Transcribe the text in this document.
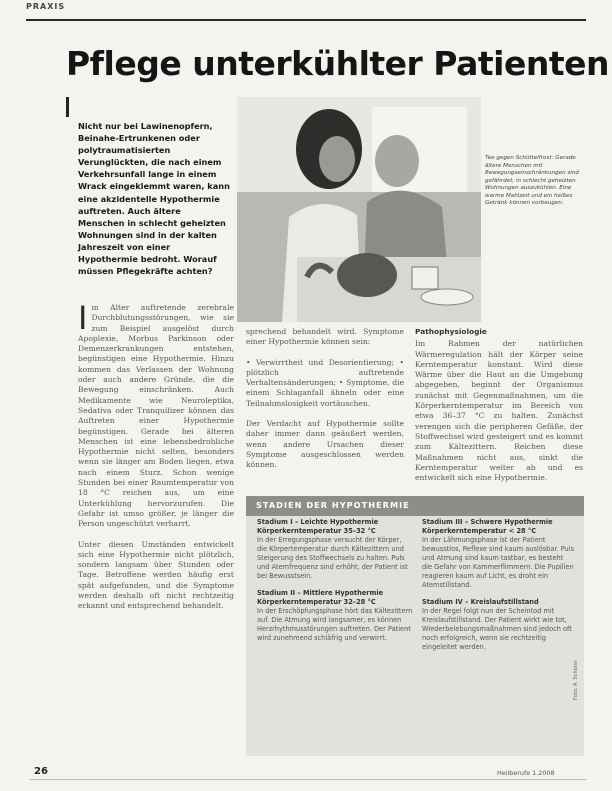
PRAXIS
Pflege unterkühlter Patienten

Nicht nur bei Lawinenopfern, Beinahe-Ertrunkenen oder polytraumatisierten Verunglückten, die nach einem Verkehrsunfall lange in einem Wrack eingeklemmt waren, kann eine akzidentelle Hypothermie auftreten. Auch ältere Menschen in schlecht geheizten Wohnungen sind in der kalten Jahreszeit von einer Hypothermie bedroht. Worauf müssen Pflegekräfte achten?

Tee gegen Schüttelfrost: Gerade ältere Menschen mit Bewegungseinschränkungen sind gefährdet, in schlecht geheizten Wohnungen auszukühlen. Eine warme Mahlzeit und ein heißes Getränk können vorbeugen.

I m Alter auftretende zerebrale Durchblutungsstörungen, wie sie zum Beispiel ausgelöst durch Apoplexie, Morbus Parkinson oder Demenzerkrankungen entstehen, begünstigen eine Hypothermie. Hinzu kommen das Verlassen der Wohnung oder auch andere Gründe, die die Bewegung einschränken. Auch Medikamente wie Neuroleptika, Sedativa oder Tranquilizer können das Auftreten einer Hypothermie begünstigen. Gerade bei älteren Menschen ist eine lebensbedrohliche Hypothermie nicht selten, besonders wenn sie länger am Boden liegen, etwa nach einem Sturz. Schon wenige Stunden bei einer Raumtemperatur von 18 °C reichen aus, um eine Unterkühlung hervorzurufen. Die Gefahr ist umso größer, je länger die Person ungeschützt verharrt.

Unter diesen Umständen entwickelt sich eine Hypothermie nicht plötzlich, sondern langsam über Stunden oder Tage. Betroffene werden häufig erst spät aufgefunden, und die Symptome werden deshalb oft nicht rechtzeitig erkannt und entsprechend behandelt.

sprechend behandelt wird. Symptome einer Hypothermie können sein:

• Verwirrtheit und Desorientierung; • plötzlich auftretende Verhaltensänderungen; • Symptome, die einem Schlaganfall ähneln oder eine Teilnahmslosigkeit vortäuschen.

Der Verdacht auf Hypothermie sollte daher immer dann geäußert werden, wenn andere Ursachen dieser Symptome ausgeschlossen werden können.

Pathophysiologie

Im Rahmen der natürlichen Wärmeregulation hält der Körper seine Kerntemperatur konstant. Wird diese Wärme über die Haut an die Umgebung abgegeben, beginnt der Organismus zunächst mit Gegenmaßnahmen, um die Körperkerntemperatur im Bereich von etwa 36–37 °C zu halten. Zunächst verengen sich die peripheren Gefäße, der Stoffwechsel wird gesteigert und es kommt zum Kältezittern. Reichen diese Maßnahmen nicht aus, sinkt die Kerntemperatur weiter ab und es entwickelt sich eine Hypothermie.

STADIEN DER HYPOTHERMIE
Stadium I – Leichte Hypothermie
Körperkerntemperatur 35–32 °C
In der Erregungsphase versucht der Körper, die Körpertemperatur durch Kältezittern und Steigerung des Stoffwechsels zu halten. Puls und Atemfrequenz sind erhöht, der Patient ist bei Bewusstsein.
Stadium II – Mittlere Hypothermie
Körperkerntemperatur 32–28 °C
In der Erschöpfungsphase hört das Kältezittern auf. Die Atmung wird langsamer, es können Herzrhythmusstörungen auftreten. Der Patient wird zunehmend schläfrig und verwirrt.
Stadium III – Schwere Hypothermie
Körperkerntemperatur < 28 °C
In der Lähmungsphase ist der Patient bewusstlos, Reflexe sind kaum auslösbar. Puls und Atmung sind kaum tastbar, es besteht die Gefahr von Kammerflimmern. Die Pupillen reagieren kaum auf Licht, es droht ein Atemstillstand.
Stadium IV – Kreislaufstillstand
In der Regel folgt nun der Scheintod mit Kreislaufstillstand. Der Patient wirkt wie tot, Wiederbelebungsmaßnahmen sind jedoch oft noch erfolgreich, wenn sie rechtzeitig eingeleitet werden.
Foto: A. Schürer
26	Heilberufe 1.2008
